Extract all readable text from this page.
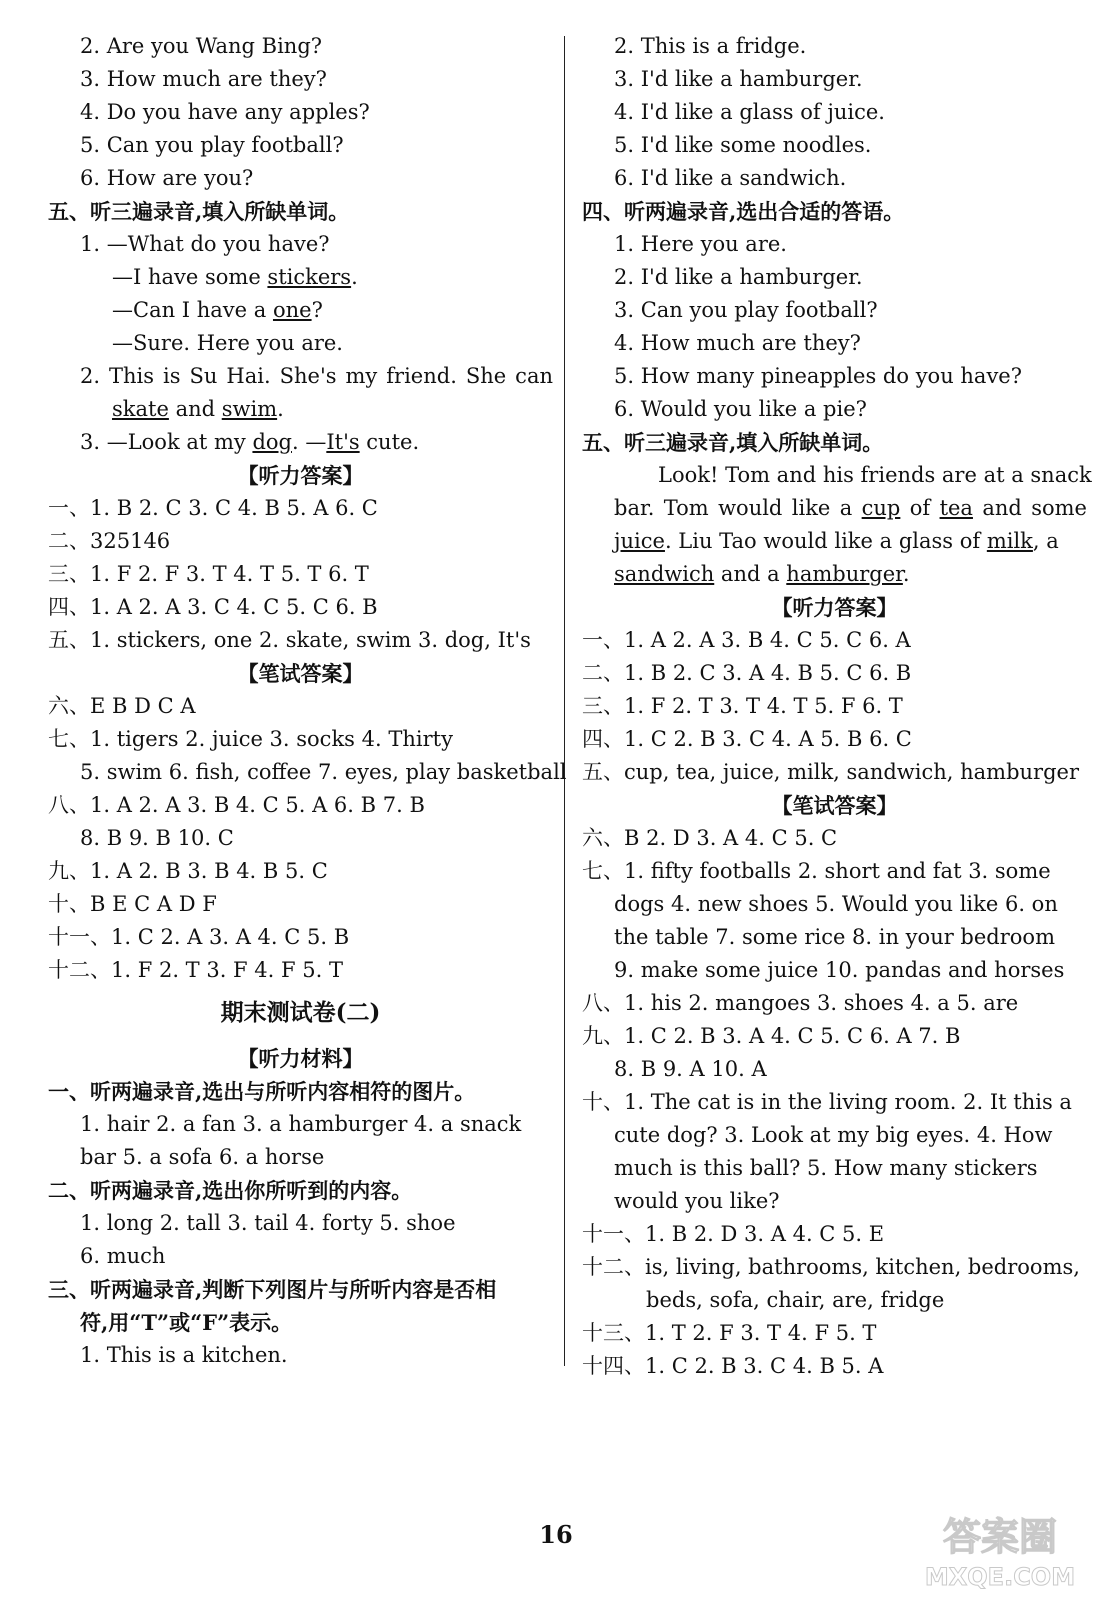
2. Are you Wang Bing?
3. How much are they?
4. Do you have any apples?
5. Can you play football?
6. How are you?
五、听三遍录音,填入所缺单词。
1. —What do you have?
—I have some stickers.
—Can I have a one?
—Sure. Here you are.
2. This is Su Hai. She's my friend. She can
skate and swim.
3. —Look at my dog. —It's cute.
【听力答案】
一、1. B 2. C 3. C 4. B 5. A 6. C
二、325146
三、1. F 2. F 3. T 4. T 5. T 6. T
四、1. A 2. A 3. C 4. C 5. C 6. B
五、1. stickers, one 2. skate, swim 3. dog, It's
【笔试答案】
六、E B D C A
七、1. tigers 2. juice 3. socks 4. Thirty
5. swim 6. fish, coffee 7. eyes, play basketball
八、1. A 2. A 3. B 4. C 5. A 6. B 7. B
8. B 9. B 10. C
九、1. A 2. B 3. B 4. B 5. C
十、B E C A D F
十一、1. C 2. A 3. A 4. C 5. B
十二、1. F 2. T 3. F 4. F 5. T
期末测试卷(二)
【听力材料】
一、听两遍录音,选出与所听内容相符的图片。
1. hair 2. a fan 3. a hamburger 4. a snack
bar 5. a sofa 6. a horse
二、听两遍录音,选出你所听到的内容。
1. long 2. tall 3. tail 4. forty 5. shoe
6. much
三、听两遍录音,判断下列图片与所听内容是否相
符,用“T”或“F”表示。
1. This is a kitchen.
2. This is a fridge.
3. I'd like a hamburger.
4. I'd like a glass of juice.
5. I'd like some noodles.
6. I'd like a sandwich.
四、听两遍录音,选出合适的答语。
1. Here you are.
2. I'd like a hamburger.
3. Can you play football?
4. How much are they?
5. How many pineapples do you have?
6. Would you like a pie?
五、听三遍录音,填入所缺单词。
Look! Tom and his friends are at a snack
bar. Tom would like a cup of tea and some
juice. Liu Tao would like a glass of milk, a
sandwich and a hamburger.
【听力答案】
一、1. A 2. A 3. B 4. C 5. C 6. A
二、1. B 2. C 3. A 4. B 5. C 6. B
三、1. F 2. T 3. T 4. T 5. F 6. T
四、1. C 2. B 3. C 4. A 5. B 6. C
五、cup, tea, juice, milk, sandwich, hamburger
【笔试答案】
六、B 2. D 3. A 4. C 5. C
七、1. fifty footballs 2. short and fat 3. some
dogs 4. new shoes 5. Would you like 6. on
the table 7. some rice 8. in your bedroom
9. make some juice 10. pandas and horses
八、1. his 2. mangoes 3. shoes 4. a 5. are
九、1. C 2. B 3. A 4. C 5. C 6. A 7. B
8. B 9. A 10. A
十、1. The cat is in the living room. 2. It this a
cute dog? 3. Look at my big eyes. 4. How
much is this ball? 5. How many stickers
would you like?
十一、1. B 2. D 3. A 4. C 5. E
十二、is, living, bathrooms, kitchen, bedrooms,
beds, sofa, chair, are, fridge
十三、1. T 2. F 3. T 4. F 5. T
十四、1. C 2. B 3. C 4. B 5. A
16	答案圈
MXQE.COM
